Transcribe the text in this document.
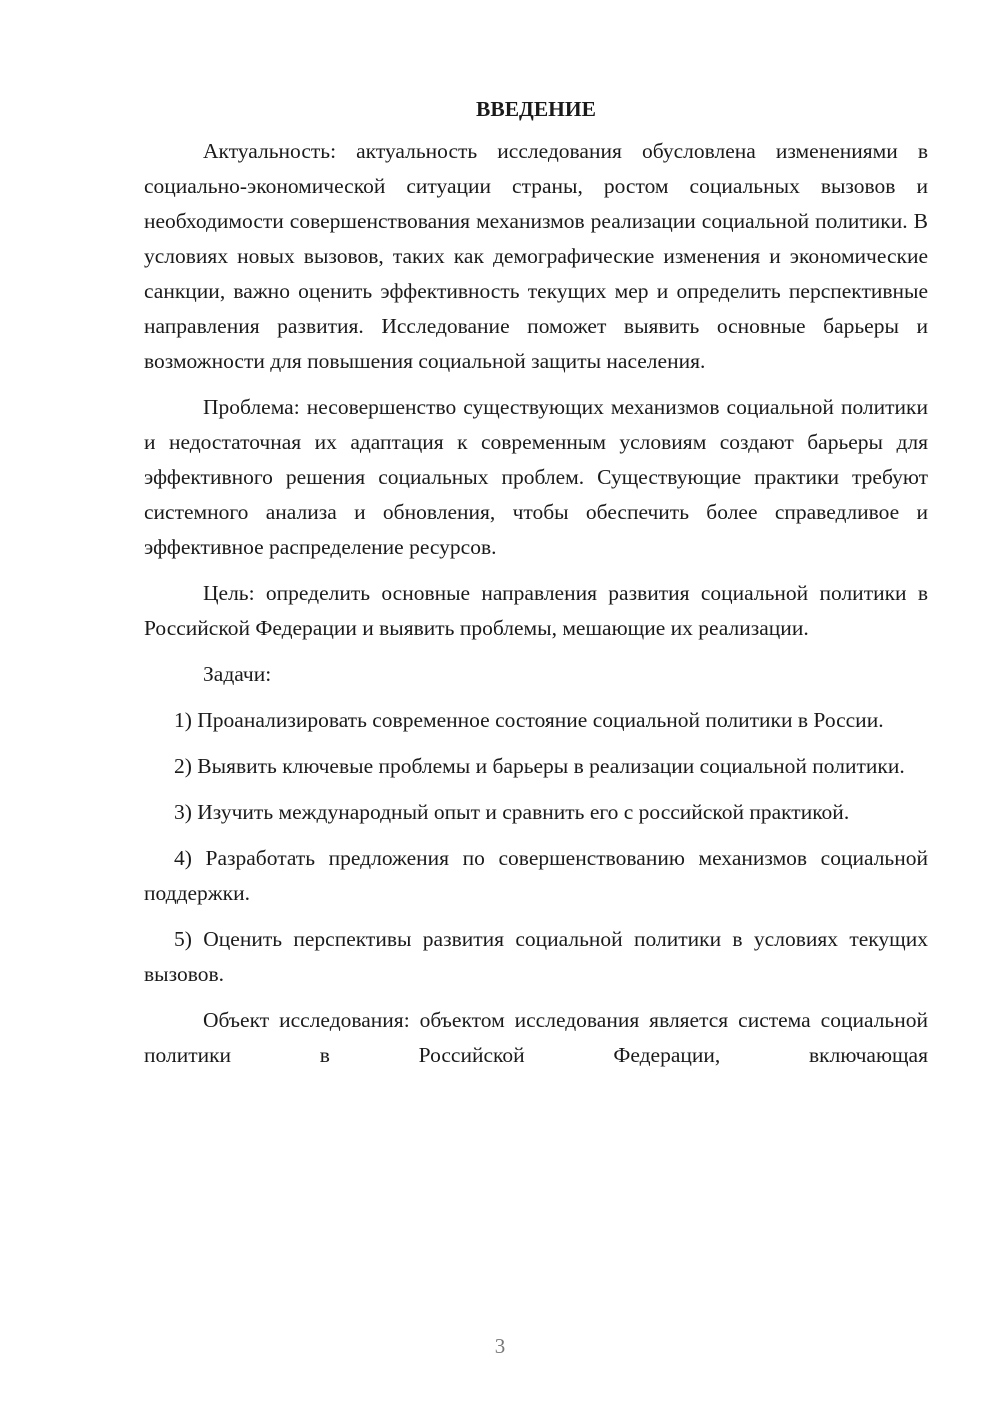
ВВЕДЕНИЕ

Актуальность: актуальность исследования обусловлена изменениями в социально-экономической ситуации страны, ростом социальных вызовов и необходимости совершенствования механизмов реализации социальной политики. В условиях новых вызовов, таких как демографические изменения и экономические санкции, важно оценить эффективность текущих мер и определить перспективные направления развития. Исследование поможет выявить основные барьеры и возможности для повышения социальной защиты населения.

Проблема: несовершенство существующих механизмов социальной политики и недостаточная их адаптация к современным условиям создают барьеры для эффективного решения социальных проблем. Существующие практики требуют системного анализа и обновления, чтобы обеспечить более справедливое и эффективное распределение ресурсов.

Цель: определить основные направления развития социальной политики в Российской Федерации и выявить проблемы, мешающие их реализации.

Задачи:

1) Проанализировать современное состояние социальной политики в России.

2) Выявить ключевые проблемы и барьеры в реализации социальной политики.

3) Изучить международный опыт и сравнить его с российской практикой.

4) Разработать предложения по совершенствованию механизмов социальной поддержки.

5) Оценить перспективы развития социальной политики в условиях текущих вызовов.

Объект исследования: объектом исследования является система социальной политики в Российской Федерации, включающая

3
